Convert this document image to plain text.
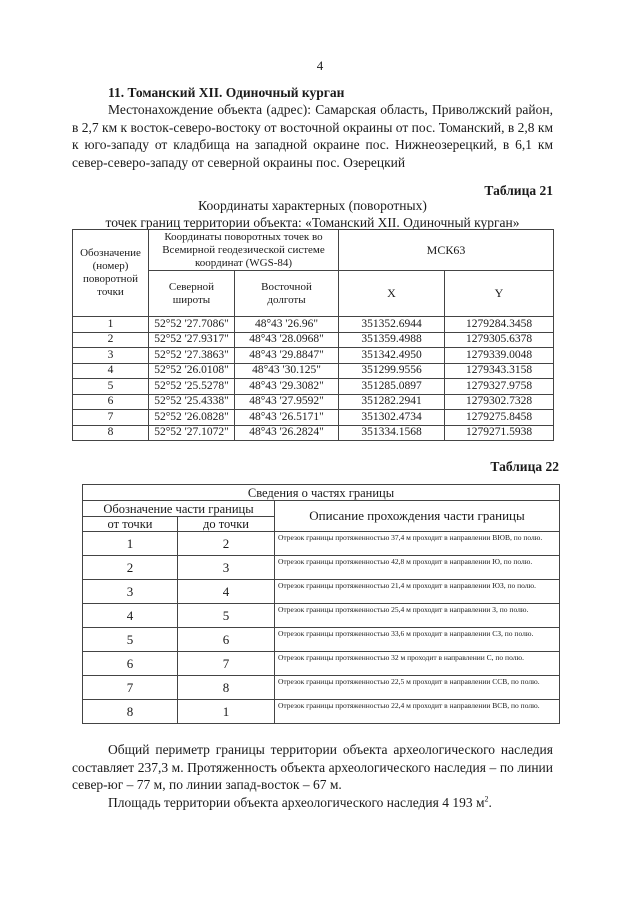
4
11. Томанский XII. Одиночный курган
Местонахождение объекта (адрес): Самарская область, Приволжский район, в 2,7 км к восток-северо-востоку от восточной окраины от пос. Томанский, в 2,8 км к юго-западу от кладбища на западной окраине пос. Нижнеозерецкий, в 6,1 км север-северо-западу от северной окраины пос. Озерецкий
Таблица 21
Координаты характерных (поворотных)
точек границ территории объекта: «Томанский XII. Одиночный курган»
Обозначение (номер) поворотной точки	Координаты поворотных точек во Всемирной геодезической системе координат (WGS-84)		МСК63	
	Северной широты	Восточной долготы	X	Y
1	52°52 '27.7086"	48°43 '26.96"	351352.6944	1279284.3458
2	52°52 '27.9317"	48°43 '28.0968"	351359.4988	1279305.6378
3	52°52 '27.3863"	48°43 '29.8847"	351342.4950	1279339.0048
4	52°52 '26.0108"	48°43 '30.125"	351299.9556	1279343.3158
5	52°52 '25.5278"	48°43 '29.3082"	351285.0897	1279327.9758
6	52°52 '25.4338"	48°43 '27.9592"	351282.2941	1279302.7328
7	52°52 '26.0828"	48°43 '26.5171"	351302.4734	1279275.8458
8	52°52 '27.1072"	48°43 '26.2824"	351334.1568	1279271.5938
Таблица 22
Сведения о частях границы		
Обозначение части границы		Описание прохождения части границы
от точки	до точки	
1	2	Отрезок границы протяженностью 37,4 м проходит в направлении ВЮВ, по полю.
2	3	Отрезок границы протяженностью 42,8 м проходит в направлении Ю, по полю.
3	4	Отрезок границы протяженностью 21,4 м проходит в направлении ЮЗ, по полю.
4	5	Отрезок границы протяженностью 25,4 м проходит в направлении З, по полю.
5	6	Отрезок границы протяженностью 33,6 м проходит в направлении СЗ, по полю.
6	7	Отрезок границы протяженностью 32 м проходит в направлении С, по полю.
7	8	Отрезок границы протяженностью 22,5 м проходит в направлении ССВ, по полю.
8	1	Отрезок границы протяженностью 22,4 м проходит в направлении ВСВ, по полю.
Общий периметр границы территории объекта археологического наследия составляет 237,3 м. Протяженность объекта археологического наследия – по линии север-юг – 77 м, по линии запад-восток – 67 м.
Площадь территории объекта археологического наследия 4 193 $м^2$.
